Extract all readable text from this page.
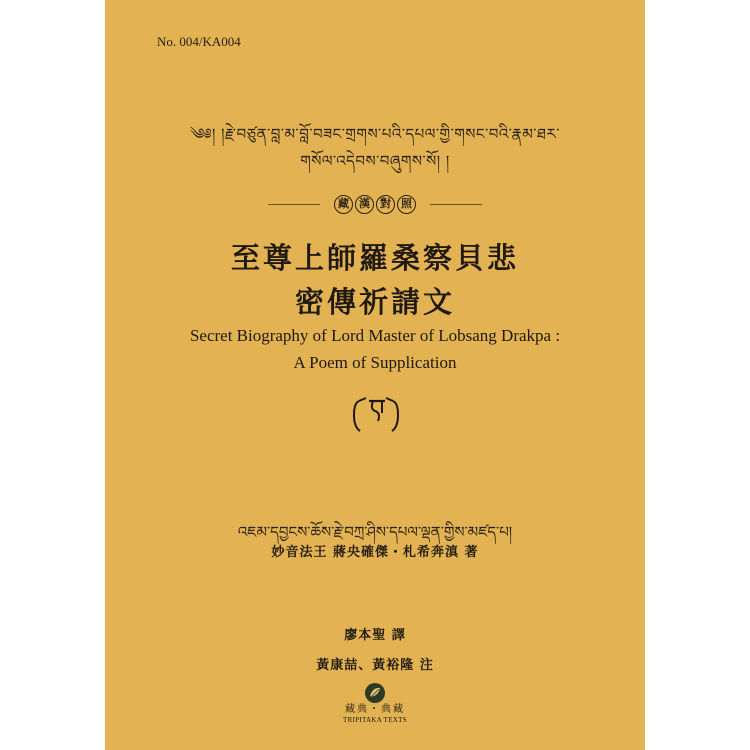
No. 004/KA004
༄༅། །རྗེ་བཙུན་བླ་མ་བློ་བཟང་གྲགས་པའི་དཔལ་གྱི་གསང་བའི་རྣམ་ཐར་
གསོལ་འདེབས་བཞུགས་སོ། །
藏 漢 對 照
至尊上師羅桑察貝悲
密傳祈請文
Secret Biography of Lord Master of Lobsang Drakpa :
A Poem of Supplication
འཇམ་དབྱངས་ཆོས་རྗེ་བཀྲ་ཤིས་དཔལ་ལྡན་གྱིས་མཛད་པ།
妙音法王 蔣央確傑・札希奔滇 著
廖本聖 譯
黃康喆、黃裕隆 注
藏典・典藏
TRIPITAKA TEXTS
